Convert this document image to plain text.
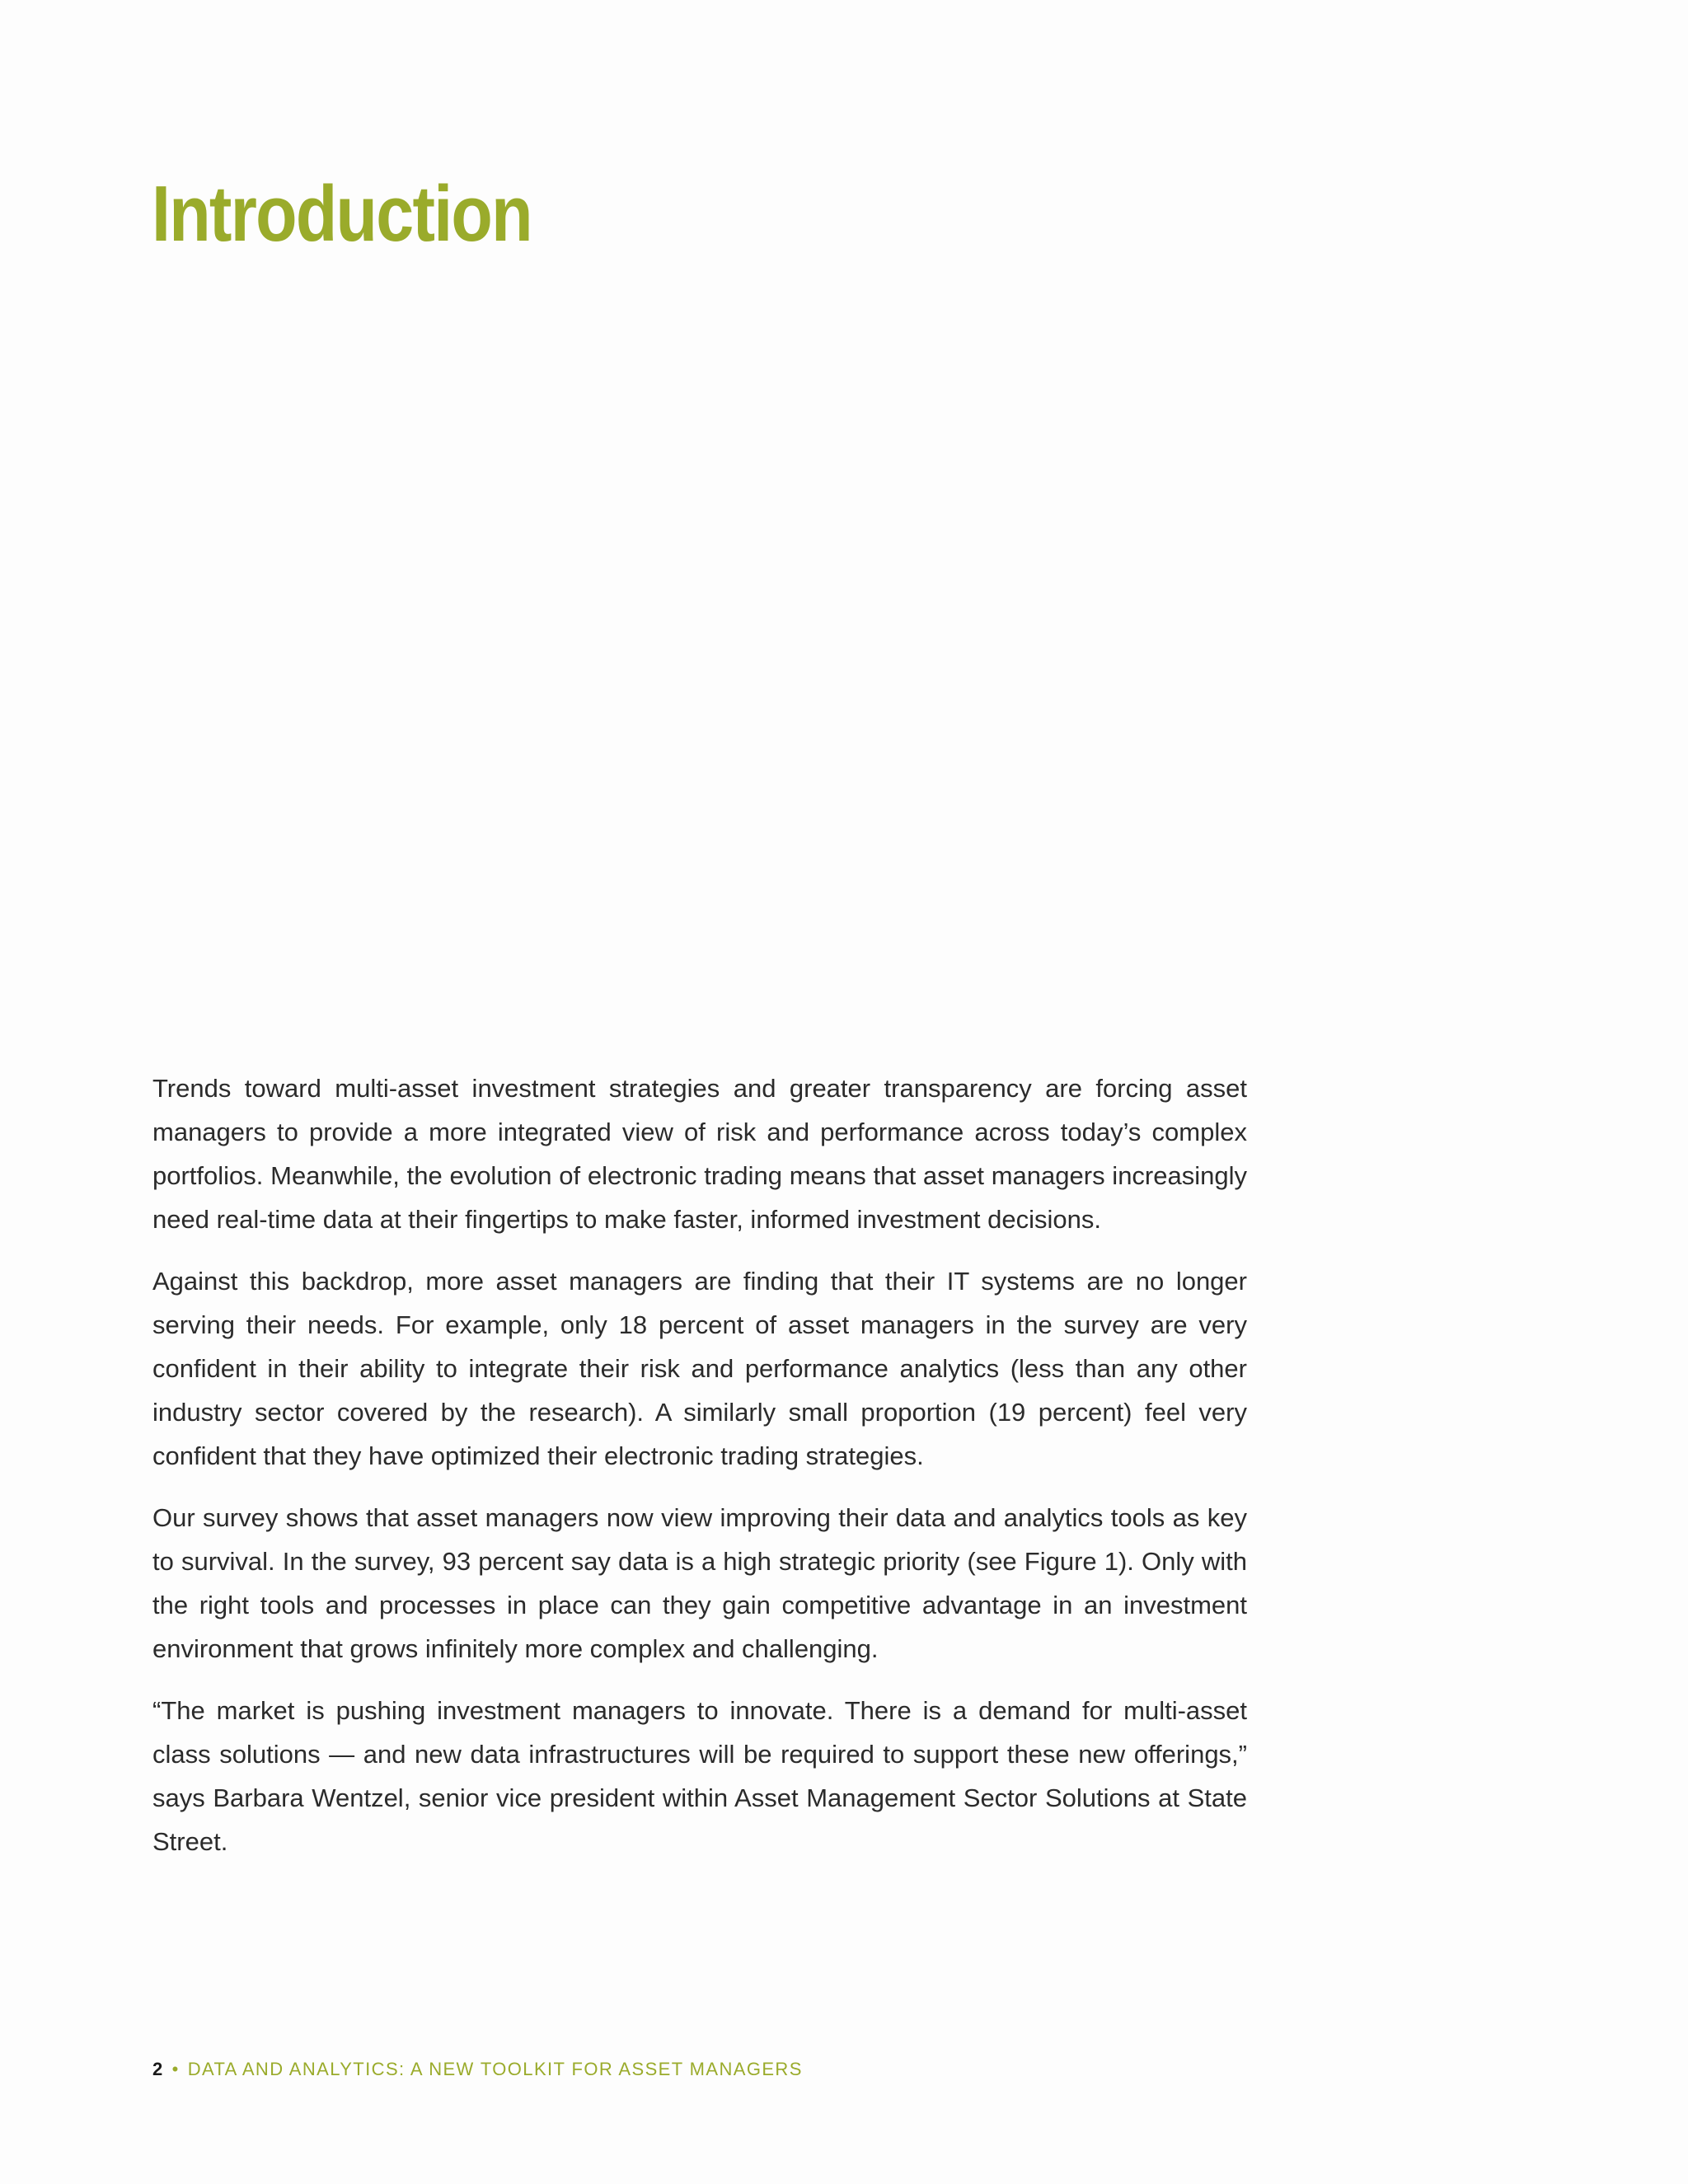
Introduction

Trends toward multi-asset investment strategies and greater transparency are forcing asset managers to provide a more integrated view of risk and performance across today’s complex portfolios. Meanwhile, the evolution of electronic trading means that asset managers increasingly need real-time data at their fingertips to make faster, informed investment decisions.

Against this backdrop, more asset managers are finding that their IT systems are no longer serving their needs. For example, only 18 percent of asset managers in the survey are very confident in their ability to integrate their risk and performance analytics (less than any other industry sector covered by the research). A similarly small proportion (19 percent) feel very confident that they have optimized their electronic trading strategies.

Our survey shows that asset managers now view improving their data and analytics tools as key to survival. In the survey, 93 percent say data is a high strategic priority (see Figure 1). Only with the right tools and processes in place can they gain competitive advantage in an investment environment that grows infinitely more complex and challenging.

“The market is pushing investment managers to innovate. There is a demand for multi-asset class solutions — and new data infrastructures will be required to support these new offerings,” says Barbara Wentzel, senior vice president within Asset Management Sector Solutions at State Street.

2 • DATA AND ANALYTICS: A NEW TOOLKIT FOR ASSET MANAGERS
